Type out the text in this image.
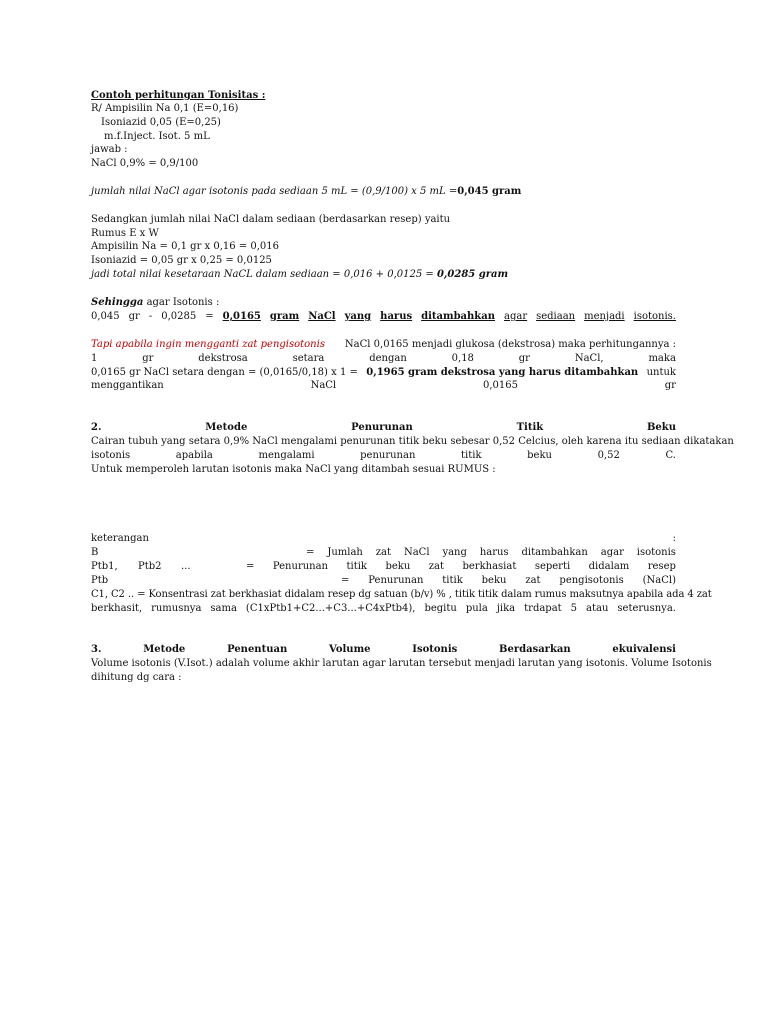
Contoh perhitungan Tonisitas :
R/ Ampisilin Na 0,1 (E=0,16)
Isoniazid 0,05 (E=0,25)
m.f.Inject. Isot. 5 mL
jawab :
NaCl 0,9% = 0,9/100
jumlah nilai NaCl agar isotonis pada sediaan 5 mL = (0,9/100) x 5 mL =0,045 gram
Sedangkan jumlah nilai NaCl dalam sediaan (berdasarkan resep) yaitu
Rumus E x W
Ampisilin Na = 0,1 gr x 0,16 = 0,016
Isoniazid = 0,05 gr x 0,25 = 0,0125
jadi total nilai kesetaraan NaCL dalam sediaan = 0,016 + 0,0125 = 0,0285 gram
Sehingga agar Isotonis :
0,045 gr - 0,0285 = 0,0165 gram NaCl yang harus ditambahkan agar sediaan menjadi isotonis.
Tapi apabila ingin mengganti zat pengisotonis NaCl 0,0165 menjadi glukosa (dekstrosa) maka perhitungannya :
1	gr	dekstrosa	setara	dengan	0,18	gr	NaCl,	maka
0,0165 gr NaCl setara dengan = (0,0165/0,18) x 1 = 0,1965 gram dekstrosa yang harus ditambahkan untuk
menggantikan	NaCl	0,0165	gr
2.	Metode	Penurunan	Titik	Beku
Cairan tubuh yang setara 0,9% NaCl mengalami penurunan titik beku sebesar 0,52 Celcius, oleh karena itu sediaan dikatakan
isotonis	apabila	mengalami	penurunan	titik	beku	0,52	C.
Untuk memperoleh larutan isotonis maka NaCl yang ditambah sesuai RUMUS :
keterangan	:
B	= Jumlah zat NaCl yang harus ditambahkan agar isotonis
Ptb1,	Ptb2	...	= Penurunan titik beku zat berkhasiat seperti didalam resep
Ptb	= Penurunan titik beku zat pengisotonis (NaCl)
C1, C2 .. = Konsentrasi zat berkhasiat didalam resep dg satuan (b/v) % , titik titik dalam rumus maksutnya apabila ada 4 zat
berkhasit, rumusnya sama (C1xPtb1+C2...+C3...+C4xPtb4), begitu pula jika trdapat 5 atau seterusnya.
3.	Metode	Penentuan	Volume	Isotonis	Berdasarkan	ekuivalensi
Volume isotonis (V.Isot.) adalah volume akhir larutan agar larutan tersebut menjadi larutan yang isotonis. Volume Isotonis
dihitung dg cara :
